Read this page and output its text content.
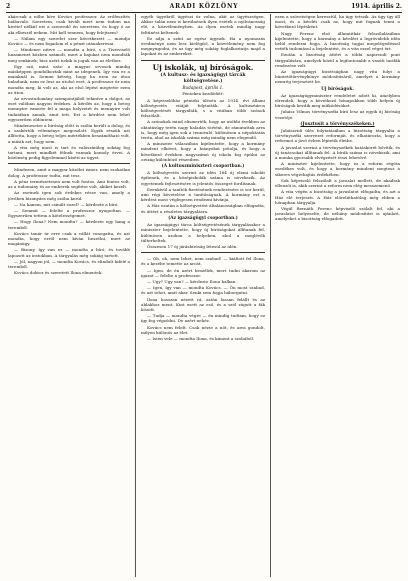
2	ARADI KÖZLÖNY	1914. április 2.

akárcsak a nőbe híve Kovács professzor. Az erőfeszítés hiábavaló. Szeretem, csak kivált mert nem tudom ma kivétel nélkül ezt a szenvedő én szeretem, és hogy ő az aki elbeszél nekem. Mit kell tennem, hogy felejtsem?

— Nálam egy szerelet szer következett — mondja Kovács — és nem fogadom el a pénzt utánakeresni.

— Mindenre nézve — mondta a bíró, s a Tisztviselő hazamenet közben számolt, mert a bajukat nem mondták meg senkinek; hisz azért nekik is joguk van az élethez.

Egy szó, mint száz: a magyar orvosok mindig másképpen gondolkoztak mint az idegenek. Így van ez a maiaknál is. Semmi kétség, hogy ha ezen az úton haladunk, nem ez lesz az utolsó eset. A professzor úr nem mondta meg, ki volt az, aki az első lépést megtette ezen az úton.

Az orvostudomány szempontjából tekintve a dolgot, az eset valóban nagyon érdekes. A kérdés az, hogy a beteg mennyire ismerte fel a maga helyzetét és mennyire volt tudatában annak, amit tett. Ezt a kérdést nem lehet egyszerűen eldönteni.

Mindenesetre a bíróság előtt is szóba került a dolog, és a szakértők véleménye megoszlott. Egyik részük azt állította, hogy a beteg teljes mértékben beszámítható volt, a másik azt, hogy nem.

A vita még most is tart és valószínűleg sokáig fog tartani, mert mindkét félnek vannak komoly érvei. A közönség pedig figyelemmel kíséri az ügyet.

Mindezen, amit a magyar közélet ismer, nem szokatlan dolog. A professzor tudta, mit tesz.

A pénz természetesen nem volt fontos. Ami fontos volt, az a tudomány és az emberek segítése volt, akiket kezelt.

Az esetnek igen sok érdekes része van, amely a jövőben bizonyára még szóba kerül.

— Na hanem, mit csinált ezzel? — kérdezte a bíró.

— Semmit — felelte a professzor nyugodtan. — Egyszerűen tettem a kötelességemet.

— Hogy Ilona? Nem mondta? — kérdezte egy hang a teremből.

Kovács tanár úr erre csak a vállát vonogatta, és azt mondta, hogy erről nem kíván beszélni, mert az magánügy.

— Bizony, így van ez — mondta a bíró, és tovább lapozott az iratokban. A tárgyalás még sokáig tartott.

— Jól, nagyon jól, — mondta Kovács, és elindult kifelé a teremből.

Kovács doktor és szeretett Ilona elmentek.

egyéb ügyekről ügyészi úr volna, akit az ügyészségen. Akkor talán nem is kerülnének ilyen esetek a nyilvánosság elé, a közvéleményben. Az ilyen esetek mindig nagy feltűnést keltenek.

Ez adja a színt az egész ügynek. Ha a nyomozás eredménye nem lesz kielégítő, a közvélemény nem fog megnyugodni, és az ügy még sokáig foglalkoztatja majd a lapokat és az embereket.

Uj iskolák, uj bíróságok.
(A kultusz- és igazságügyi tárcák költségvetése.)
Budapest, április 1.
Pénteken kezdődött:

A képviselőház pénteki ülésén az 1914. évi állami költségvetés vitáját folytatták. A kultusztárca költségvetését tárgyalták, s a vitában több szónok felszólalt.

A szónokok mind elismerték, hogy az utóbbi években az oktatásügy terén nagy haladás történt, de rámutattak arra is, hogy még igen sok a tennivaló, különösen a népoktatás terén, ahol az iskolák száma még mindig nem elegendő.

A miniszter válaszában kijelentette, hogy a kormány mindent elkövet, hogy a hiányokat pótolja, és hogy a következő években nagyszámú új iskola fog épülni az ország különböző részeiben.

(A kultuszminiszteri csoportban.)

A költségvetés szerint az idén 184 új elemi iskolát építenek, és a középiskolák száma is növekszik. Az egyetemek fejlesztésére is jelentős összeget fordítanak.

Ezenkívül a tanítók fizetésének rendezésére is sor kerül, ami régi követelése a tanítóságnak. A kormány ezt a kérdést most véglegesen rendezni kívánja.

A Ház ezután a költségvetést általánosságban elfogadta, és áttért a részletes tárgyalásra.

(Az igazságügyi csoportban.)

Az igazságügyi tárca költségvetésének tárgyalásakor a miniszter bejelentette, hogy új bíróságokat állítanak fel, különösen azokon a helyeken, ahol a meglévők túlterheltek.

Összesen 17 új járásbíróság létesül az idén.

— Oh, oh, nem lehet, nem szabad! — kiáltott fel Ilona, és a kezébe temette az arcát.

— Igen, de én azért beszélek, mert tudni akarom az igazat — felelte a professzor.

— Ugy? Ugy van? — kérdezte Ilona halkan.

— Igen, így van — mondta Kovács. — Ön most szabad, és azt tehet, amit akar. Senki sem fogja háborgatni.

Ilona hosszan nézett rá, aztán lassan felállt és az ablakhoz ment. Kint esett az eső, és a szél zúgott a fák között.

— Tudja — mondta végre — én mindig tudtam, hogy ez így fog végződni. De azért nehéz.

Kovács nem felelt. Csak nézte a nőt, és arra gondolt, milyen különös az élet.

— Isten vele — mondta Ilona, és kiment a szobából.

ezen a szövetségen keresztül, ha úgy tetszik. Az ügy így áll most, és a kérdés csak az, hogy mit fognak tenni a következő lépésként.

Nagy Ferenc első államtitkár felszólalásában kijelentette, hogy a kormány a kérdést a legrövidebb időn belül rendezni fogja. A bizottság tagjai megelégedéssel vették tudomásul a bejelentést, és a vita ezzel véget ért.

Ezután a bizottság áttért a többi napirendi pont tárgyalására, amelyek közül a legfontosabb a vasúti tarifák rendezése volt.

Az igazságügyi bizottságban nagy vita folyt a büntetőtörvénykönyv módosításáról, amelyet a kormány nemrég terjesztett be.

Uj bíróságok.

Az igazságügyminiszter rendeletet adott ki, amelyben elrendeli, hogy a következő hónapokban több helyen új bíróságok kezdik meg működésüket.

Juhász Vilmos törvényszéki bíró lesz az egyik új bíróság vezetője.

(Jusztusit a törvényszékeken.)

Juhászvidi ülés folytatásában a bizottság tárgyalta a törvényszéki szervezet reformját, és elhatározta, hogy a reformot a jövő évben léptetik életbe.

A javaslat szerint a törvényszékek hatáskörét bővítik, és új tanácsokat állítanak fel. A bírák száma is növekszik, ami a munka gyorsabb elvégzését teszi lehetővé.

A miniszter kijelentette, hogy ez a reform régóta esedékes volt, és hogy a kormány mindent megtesz a sikeres végrehajtás érdekében.

Sok képviselő felszólalt a javaslat mellett, de akadtak ellenzői is, akik szerint a reform nem elég messzemenő.

A vita végén a bizottság a javaslatot elfogadta, és azt a Ház elé terjeszti. A Ház előreláthatólag még ebben a hónapban tárgyalja.

Végül Bernáth Ferenc képviselő szólalt fel, aki a javaslatot helyeselte, de néhány módosítást is ajánlott, amelyeket a bizottság elfogadott.
